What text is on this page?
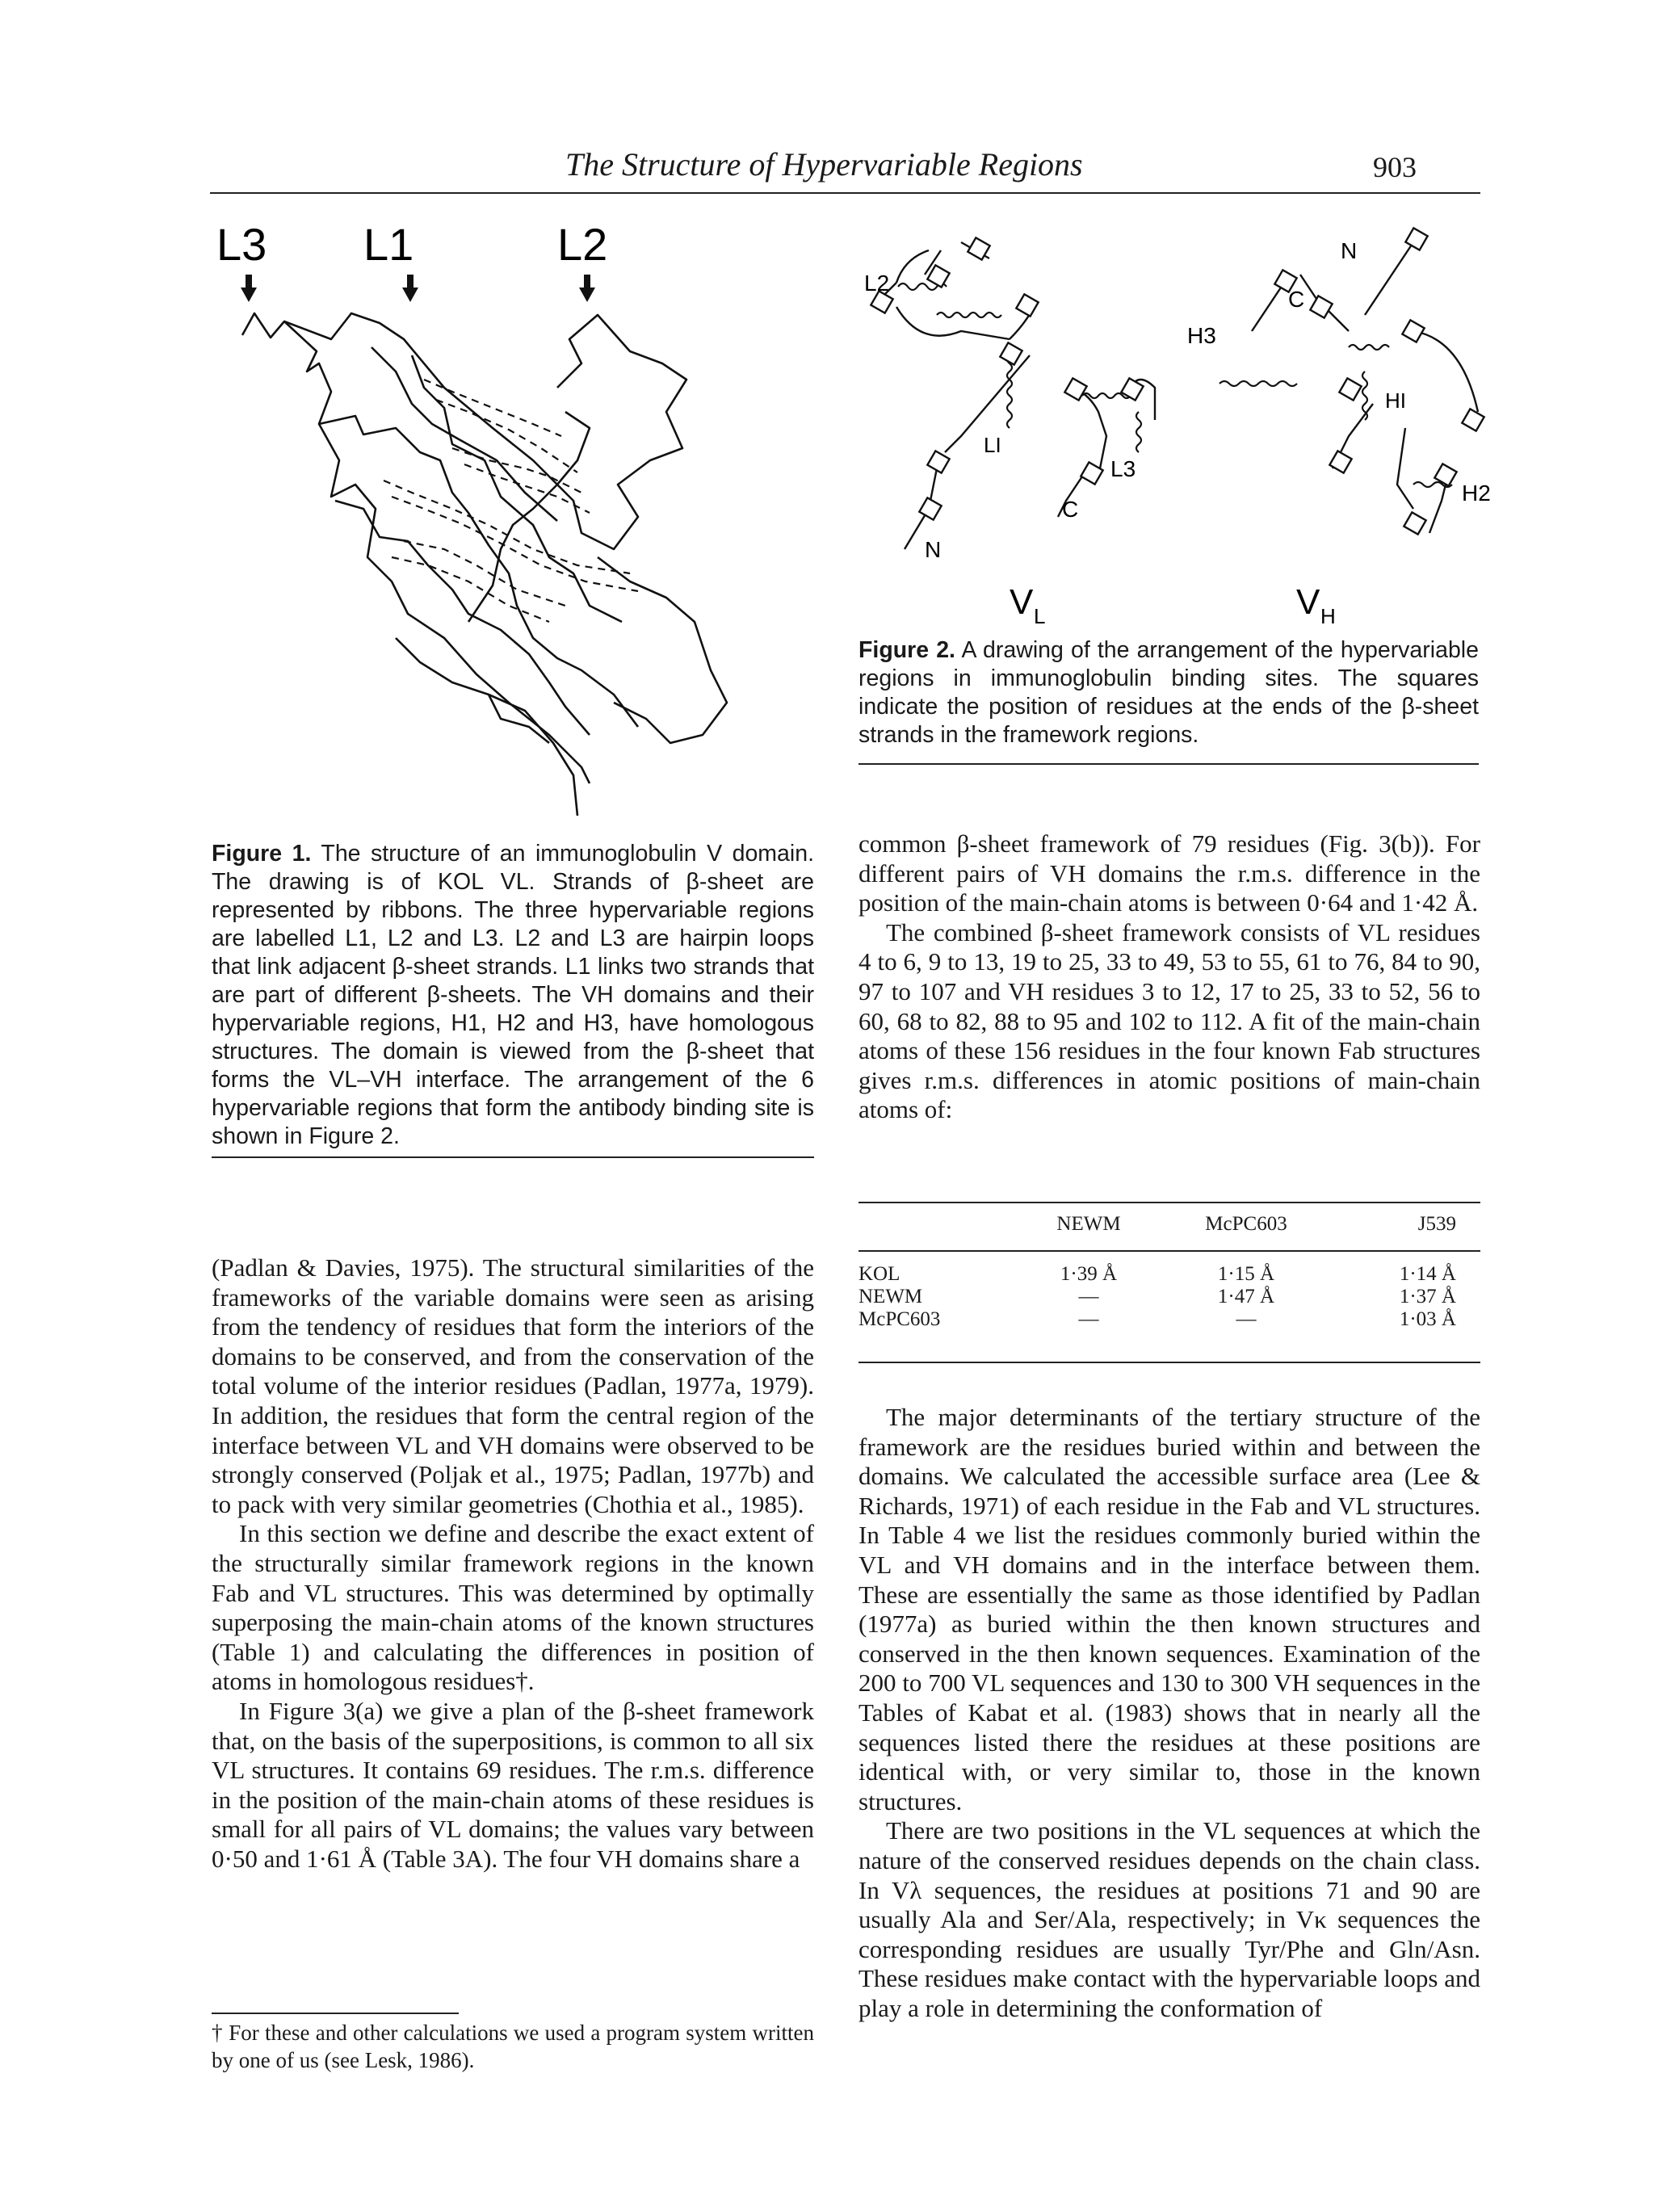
The Structure of Hypervariable Regions	903
L3 L1	L2
L2
LI
L3
N
C
V L
H3
C
N
HI
H2
V H
Figure 2. A drawing of the arrangement of the hypervariable regions in immunoglobulin binding sites. The squares indicate the position of residues at the ends of the β-sheet strands in the framework regions.
Figure 1. The structure of an immunoglobulin V domain. The drawing is of KOL VL. Strands of β-sheet are represented by ribbons. The three hypervariable regions are labelled L1, L2 and L3. L2 and L3 are hairpin loops that link adjacent β-sheet strands. L1 links two strands that are part of different β-sheets. The VH domains and their hypervariable regions, H1, H2 and H3, have homologous structures. The domain is viewed from the β-sheet that forms the VL–VH interface. The arrangement of the 6 hypervariable regions that form the antibody binding site is shown in Figure 2.

(Padlan & Davies, 1975). The structural similarities of the frameworks of the variable domains were seen as arising from the tendency of residues that form the interiors of the domains to be conserved, and from the conservation of the total volume of the interior residues (Padlan, 1977a, 1979). In addition, the residues that form the central region of the interface between VL and VH domains were observed to be strongly conserved (Poljak et al., 1975; Padlan, 1977b) and to pack with very similar geometries (Chothia et al., 1985).

In this section we define and describe the exact extent of the structurally similar framework regions in the known Fab and VL structures. This was determined by optimally superposing the main-chain atoms of the known structures (Table 1) and calculating the differences in position of atoms in homologous residues†.

In Figure 3(a) we give a plan of the β-sheet framework that, on the basis of the superpositions, is common to all six VL structures. It contains 69 residues. The r.m.s. difference in the position of the main-chain atoms of these residues is small for all pairs of VL domains; the values vary between 0·50 and 1·61 Å (Table 3A). The four VH domains share a

† For these and other calculations we used a program system written by one of us (see Lesk, 1986).

common β-sheet framework of 79 residues (Fig. 3(b)). For different pairs of VH domains the r.m.s. difference in the position of the main-chain atoms is between 0·64 and 1·42 Å.

The combined β-sheet framework consists of VL residues 4 to 6, 9 to 13, 19 to 25, 33 to 49, 53 to 55, 61 to 76, 84 to 90, 97 to 107 and VH residues 3 to 12, 17 to 25, 33 to 52, 56 to 60, 68 to 82, 88 to 95 and 102 to 112. A fit of the main-chain atoms of these 156 residues in the four known Fab structures gives r.m.s. differences in atomic positions of main-chain atoms of:

	NEWM	McPC603	J539

KOL	1·39 Å	1·15 Å	1·14 Å
NEWM	—	1·47 Å	1·37 Å
McPC603	—	—	1·03 Å

The major determinants of the tertiary structure of the framework are the residues buried within and between the domains. We calculated the accessible surface area (Lee & Richards, 1971) of each residue in the Fab and VL structures. In Table 4 we list the residues commonly buried within the VL and VH domains and in the interface between them. These are essentially the same as those identified by Padlan (1977a) as buried within the then known structures and conserved in the then known sequences. Examination of the 200 to 700 VL sequences and 130 to 300 VH sequences in the Tables of Kabat et al. (1983) shows that in nearly all the sequences listed there the residues at these positions are identical with, or very similar to, those in the known structures.

There are two positions in the VL sequences at which the nature of the conserved residues depends on the chain class. In Vλ sequences, the residues at positions 71 and 90 are usually Ala and Ser/Ala, respectively; in Vκ sequences the corresponding residues are usually Tyr/Phe and Gln/Asn. These residues make contact with the hypervariable loops and play a role in determining the conformation of
